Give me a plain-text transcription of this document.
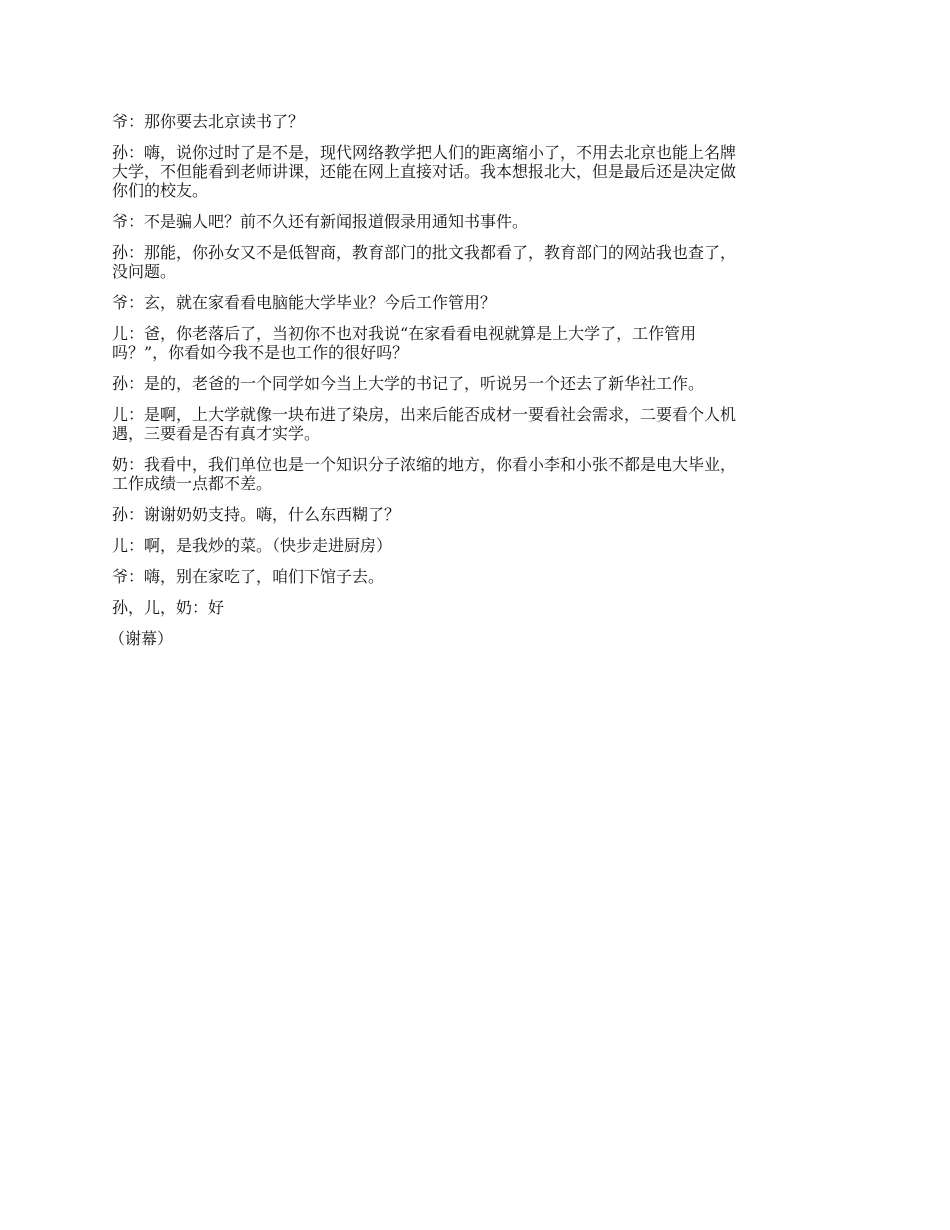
爷：那你要去北京读书了？

孙：嗨，说你过时了是不是，现代网络教学把人们的距离缩小了，不用去北京也能上名牌
大学，不但能看到老师讲课，还能在网上直接对话。我本想报北大，但是最后还是决定做
你们的校友。

爷：不是骗人吧？前不久还有新闻报道假录用通知书事件。

孙：那能，你孙女又不是低智商，教育部门的批文我都看了，教育部门的网站我也查了，
没问题。

爷：玄，就在家看看电脑能大学毕业？今后工作管用？

儿：爸，你老落后了，当初你不也对我说“在家看看电视就算是上大学了，工作管用
吗？”，你看如今我不是也工作的很好吗？

孙：是的，老爸的一个同学如今当上大学的书记了，听说另一个还去了新华社工作。

儿：是啊，上大学就像一块布进了染房，出来后能否成材一要看社会需求，二要看个人机
遇，三要看是否有真才实学。

奶：我看中，我们单位也是一个知识分子浓缩的地方，你看小李和小张不都是电大毕业，
工作成绩一点都不差。

孙：谢谢奶奶支持。嗨，什么东西糊了？

儿：啊，是我炒的菜。（快步走进厨房）

爷：嗨，别在家吃了，咱们下馆子去。

孙，儿，奶：好

（谢幕）
